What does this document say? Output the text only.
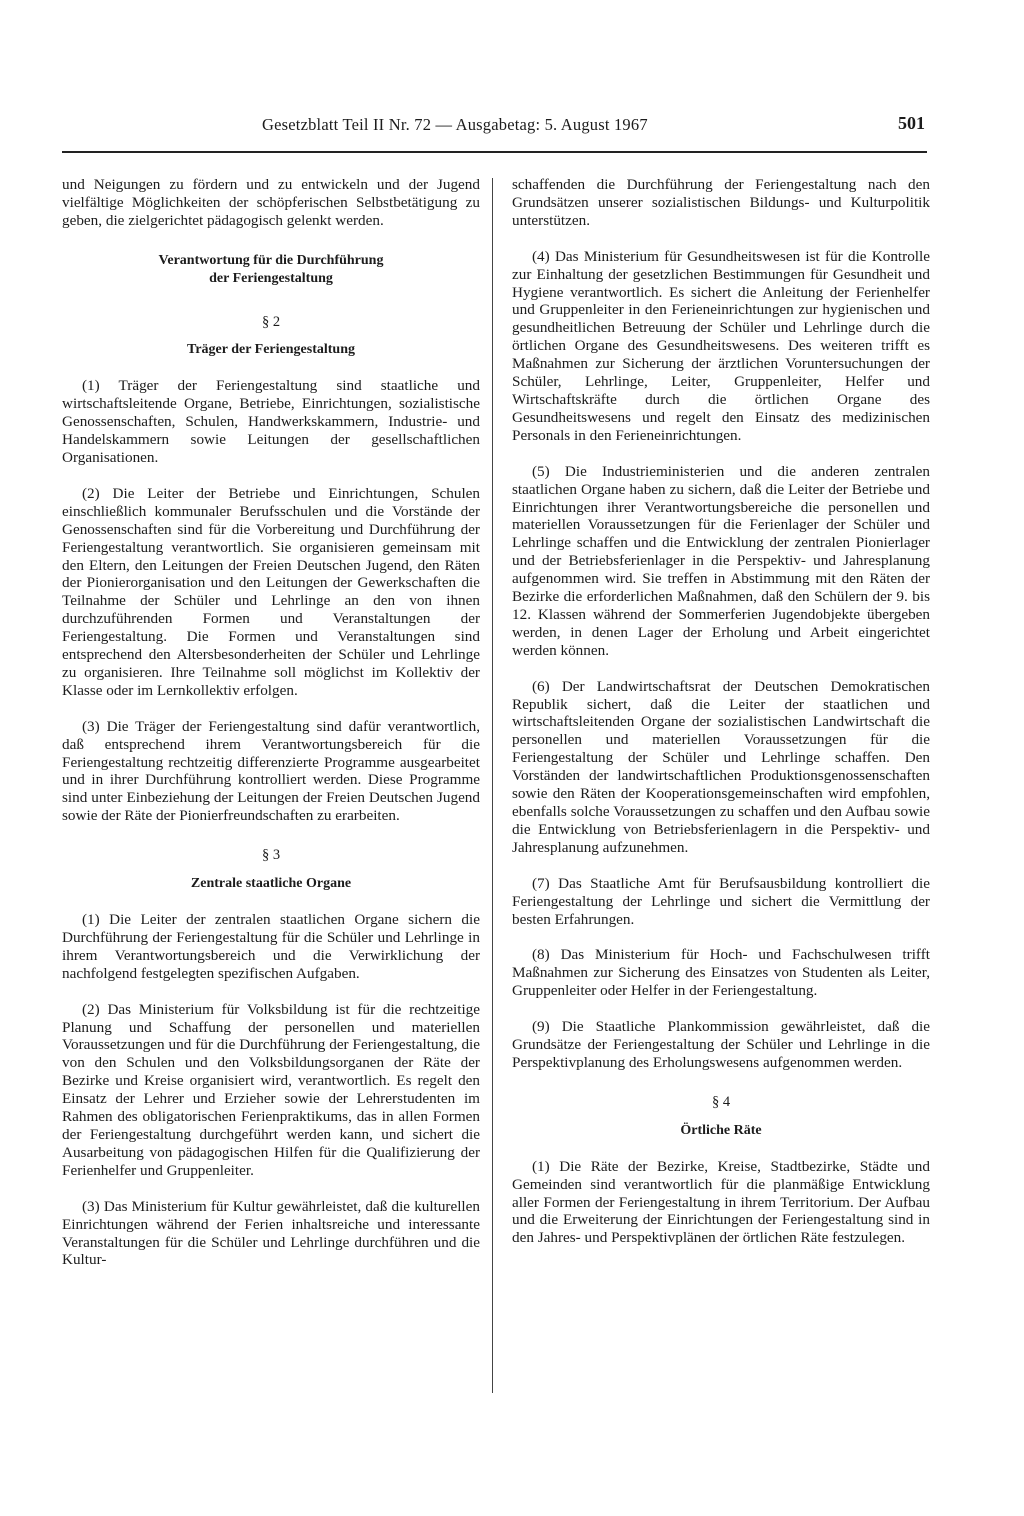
Gesetzblatt Teil II Nr. 72 — Ausgabetag: 5. August 1967	501

und Neigungen zu fördern und zu entwickeln und der Jugend vielfältige Möglichkeiten der schöpferischen Selbstbetätigung zu geben, die zielgerichtet pädagogisch gelenkt werden.

Verantwortung für die Durchführung
der Feriengestaltung
§ 2
Träger der Feriengestaltung

(1) Träger der Feriengestaltung sind staatliche und wirtschaftsleitende Organe, Betriebe, Einrichtungen, sozialistische Genossenschaften, Schulen, Handwerkskammern, Industrie- und Handelskammern sowie Leitungen der gesellschaftlichen Organisationen.

(2) Die Leiter der Betriebe und Einrichtungen, Schulen einschließlich kommunaler Berufsschulen und die Vorstände der Genossenschaften sind für die Vorbereitung und Durchführung der Feriengestaltung verantwortlich. Sie organisieren gemeinsam mit den Eltern, den Leitungen der Freien Deutschen Jugend, den Räten der Pionierorganisation und den Leitungen der Gewerkschaften die Teilnahme der Schüler und Lehrlinge an den von ihnen durchzuführenden Formen und Veranstaltungen der Feriengestaltung. Die Formen und Veranstaltungen sind entsprechend den Altersbesonderheiten der Schüler und Lehrlinge zu organisieren. Ihre Teilnahme soll möglichst im Kollektiv der Klasse oder im Lernkollektiv erfolgen.

(3) Die Träger der Feriengestaltung sind dafür verantwortlich, daß entsprechend ihrem Verantwortungsbereich für die Feriengestaltung rechtzeitig differenzierte Programme ausgearbeitet und in ihrer Durchführung kontrolliert werden. Diese Programme sind unter Einbeziehung der Leitungen der Freien Deutschen Jugend sowie der Räte der Pionierfreundschaften zu erarbeiten.

§ 3
Zentrale staatliche Organe

(1) Die Leiter der zentralen staatlichen Organe sichern die Durchführung der Feriengestaltung für die Schüler und Lehrlinge in ihrem Verantwortungsbereich und die Verwirklichung der nachfolgend festgelegten spezifischen Aufgaben.

(2) Das Ministerium für Volksbildung ist für die rechtzeitige Planung und Schaffung der personellen und materiellen Voraussetzungen und für die Durchführung der Feriengestaltung, die von den Schulen und den Volksbildungsorganen der Räte der Bezirke und Kreise organisiert wird, verantwortlich. Es regelt den Einsatz der Lehrer und Erzieher sowie der Lehrerstudenten im Rahmen des obligatorischen Ferienpraktikums, das in allen Formen der Feriengestaltung durchgeführt werden kann, und sichert die Ausarbeitung von pädagogischen Hilfen für die Qualifizierung der Ferienhelfer und Gruppenleiter.

(3) Das Ministerium für Kultur gewährleistet, daß die kulturellen Einrichtungen während der Ferien inhaltsreiche und interessante Veranstaltungen für die Schüler und Lehrlinge durchführen und die Kultur-

schaffenden die Durchführung der Feriengestaltung nach den Grundsätzen unserer sozialistischen Bildungs- und Kulturpolitik unterstützen.

(4) Das Ministerium für Gesundheitswesen ist für die Kontrolle zur Einhaltung der gesetzlichen Bestimmungen für Gesundheit und Hygiene verantwortlich. Es sichert die Anleitung der Ferienhelfer und Gruppenleiter in den Ferieneinrichtungen zur hygienischen und gesundheitlichen Betreuung der Schüler und Lehrlinge durch die örtlichen Organe des Gesundheitswesens. Des weiteren trifft es Maßnahmen zur Sicherung der ärztlichen Voruntersuchungen der Schüler, Lehrlinge, Leiter, Gruppenleiter, Helfer und Wirtschaftskräfte durch die örtlichen Organe des Gesundheitswesens und regelt den Einsatz des medizinischen Personals in den Ferieneinrichtungen.

(5) Die Industrieministerien und die anderen zentralen staatlichen Organe haben zu sichern, daß die Leiter der Betriebe und Einrichtungen ihrer Verantwortungsbereiche die personellen und materiellen Voraussetzungen für die Ferienlager der Schüler und Lehrlinge schaffen und die Entwicklung der zentralen Pionierlager und der Betriebsferienlager in die Perspektiv- und Jahresplanung aufgenommen wird. Sie treffen in Abstimmung mit den Räten der Bezirke die erforderlichen Maßnahmen, daß den Schülern der 9. bis 12. Klassen während der Sommerferien Jugendobjekte übergeben werden, in denen Lager der Erholung und Arbeit eingerichtet werden können.

(6) Der Landwirtschaftsrat der Deutschen Demokratischen Republik sichert, daß die Leiter der staatlichen und wirtschaftsleitenden Organe der sozialistischen Landwirtschaft die personellen und materiellen Voraussetzungen für die Feriengestaltung der Schüler und Lehrlinge schaffen. Den Vorständen der landwirtschaftlichen Produktionsgenossenschaften sowie den Räten der Kooperationsgemeinschaften wird empfohlen, ebenfalls solche Voraussetzungen zu schaffen und den Aufbau sowie die Entwicklung von Betriebsferienlagern in die Perspektiv- und Jahresplanung aufzunehmen.

(7) Das Staatliche Amt für Berufsausbildung kontrolliert die Feriengestaltung der Lehrlinge und sichert die Vermittlung der besten Erfahrungen.

(8) Das Ministerium für Hoch- und Fachschulwesen trifft Maßnahmen zur Sicherung des Einsatzes von Studenten als Leiter, Gruppenleiter oder Helfer in der Feriengestaltung.

(9) Die Staatliche Plankommission gewährleistet, daß die Grundsätze der Feriengestaltung der Schüler und Lehrlinge in die Perspektivplanung des Erholungswesens aufgenommen werden.

§ 4
Örtliche Räte

(1) Die Räte der Bezirke, Kreise, Stadtbezirke, Städte und Gemeinden sind verantwortlich für die planmäßige Entwicklung aller Formen der Feriengestaltung in ihrem Territorium. Der Aufbau und die Erweiterung der Einrichtungen der Feriengestaltung sind in den Jahres- und Perspektivplänen der örtlichen Räte festzulegen.
